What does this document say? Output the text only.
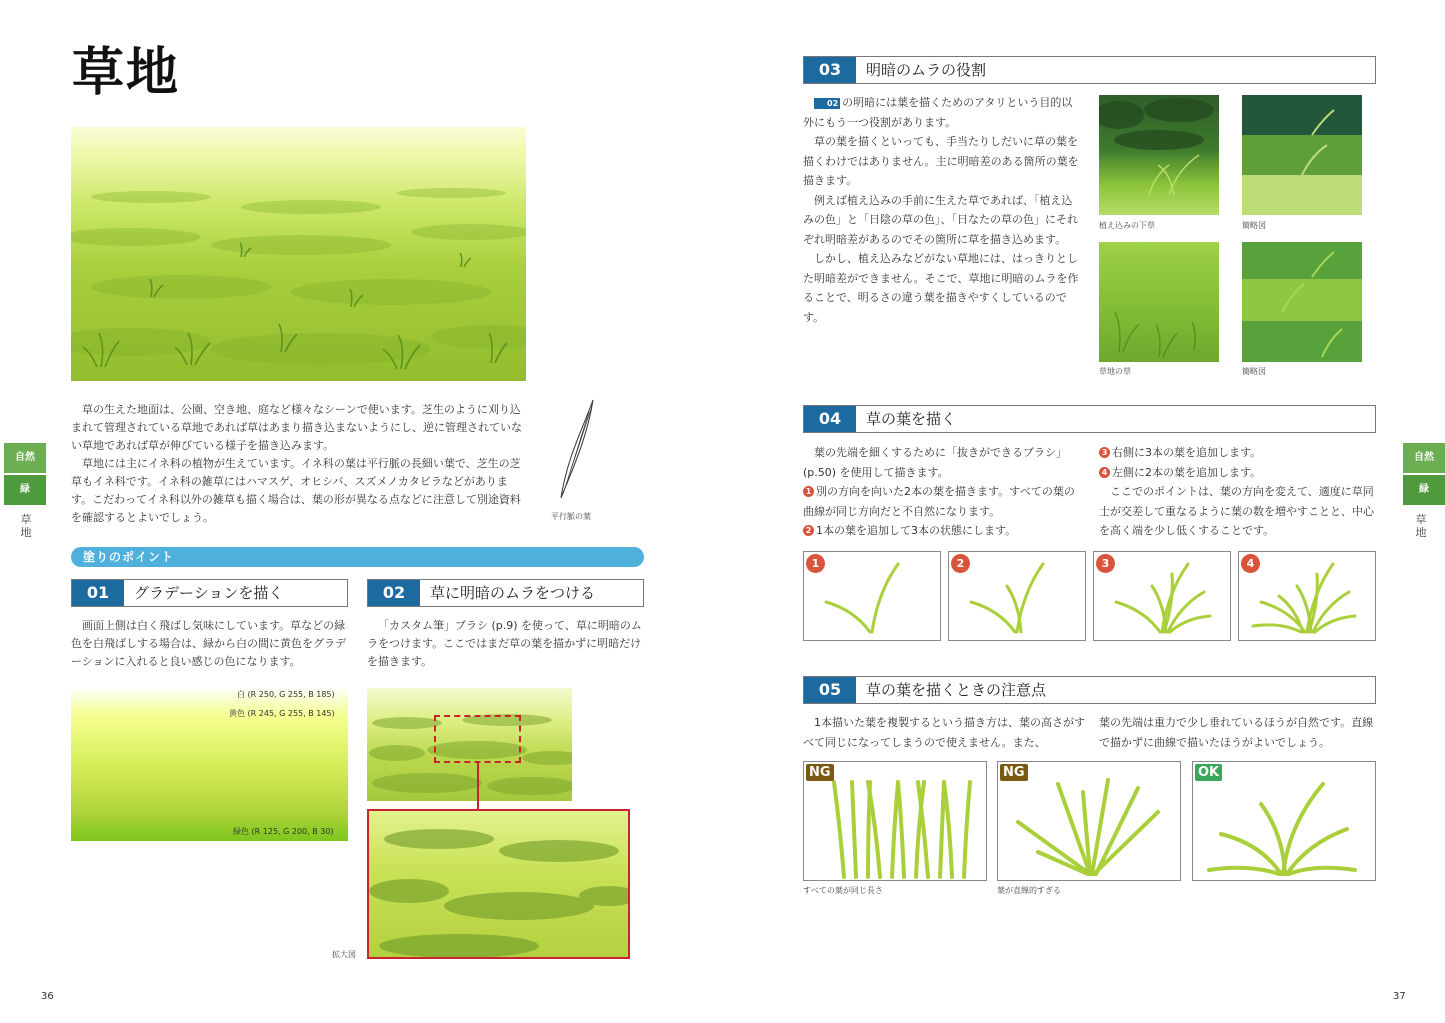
草地

草の生えた地面は、公園、空き地、庭など様々なシーンで使います。芝生のように刈り込まれて管理されている草地であれば草はあまり描き込まないようにし、逆に管理されていない草地であれば草が伸びている様子を描き込みます。

草地には主にイネ科の植物が生えています。イネ科の葉は平行脈の長細い葉で、芝生の芝草もイネ科です。イネ科の雑草にはハマスゲ、オヒシバ、スズメノカタビラなどがあります。こだわってイネ科以外の雑草も描く場合は、葉の形が異なる点などに注意して別途資料を確認するとよいでしょう。	平行脈の葉
塗りのポイント
01	グラデーションを描く

画面上側は白く飛ばし気味にしています。草などの緑色を白飛ばしする場合は、緑から白の間に黄色をグラデーションに入れると良い感じの色になります。

白 (R 250, G 255, B 185)
黄色 (R 245, G 255, B 145)
緑色 (R 125, G 200, B 30)
02	草に明暗のムラをつける

「カスタム筆」ブラシ (p.9) を使って、草に明暗のムラをつけます。ここではまだ草の葉を描かずに明暗だけを描きます。

拡大図
36
自然
緑
草
地
03	明暗のムラの役割

02 の明暗には葉を描くためのアタリという目的以外にもう一つ役割があります。

草の葉を描くといっても、手当たりしだいに草の葉を描くわけではありません。主に明暗差のある箇所の葉を描きます。

例えば植え込みの手前に生えた草であれば、「植え込みの色」と「日陰の草の色」、「日なたの草の色」にそれぞれ明暗差があるのでその箇所に草を描き込めます。

しかし、植え込みなどがない草地には、はっきりとした明暗差ができません。そこで、草地に明暗のムラを作ることで、明るさの違う葉を描きやすくしているのです。

植え込みの下草	簡略図
草地の草	簡略図
04	草の葉を描く

葉の先端を細くするために「抜きができるブラシ」(p.50) を使用して描きます。

1 別の方向を向いた2本の葉を描きます。すべての葉の曲線が同じ方向だと不自然になります。
2 1本の葉を追加して3本の状態にします。
3 右側に3本の葉を追加します。
4 左側に2本の葉を追加します。

ここでのポイントは、葉の方向を変えて、適度に草同士が交差して重なるように葉の数を増やすことと、中心を高く端を少し低くすることです。

1	2	3	4
05	草の葉を描くときの注意点

1本描いた葉を複製するという描き方は、葉の高さがすべて同じになってしまうので使えません。また、

葉の先端は重力で少し垂れているほうが自然です。直線で描かずに曲線で描いたほうがよいでしょう。
NG	NG	OK
すべての葉が同じ長さ	葉が直線的すぎる
37
自然
緑
草
地
